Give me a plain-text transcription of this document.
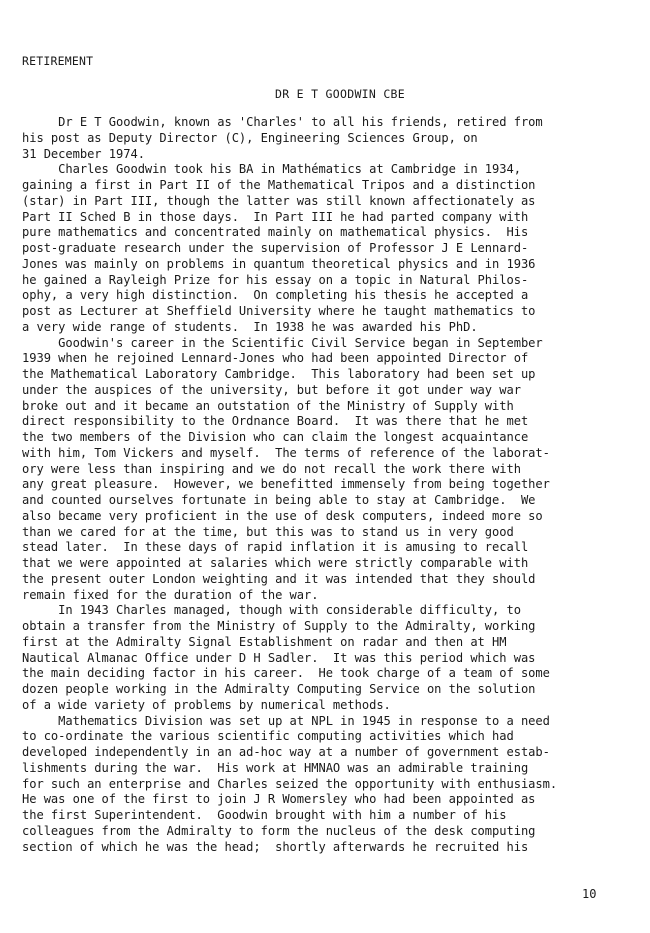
RETIREMENT
DR E T GOODWIN CBE
Dr E T Goodwin, known as 'Charles' to all his friends, retired from
his post as Deputy Director (C), Engineering Sciences Group, on
31 December 1974.
Charles Goodwin took his BA in Mathématics at Cambridge in 1934,
gaining a first in Part II of the Mathematical Tripos and a distinction
(star) in Part III, though the latter was still known affectionately as
Part II Sched B in those days.  In Part III he had parted company with
pure mathematics and concentrated mainly on mathematical physics.  His
post-graduate research under the supervision of Professor J E Lennard-
Jones was mainly on problems in quantum theoretical physics and in 1936
he gained a Rayleigh Prize for his essay on a topic in Natural Philos-
ophy, a very high distinction.  On completing his thesis he accepted a
post as Lecturer at Sheffield University where he taught mathematics to
a very wide range of students.  In 1938 he was awarded his PhD.
Goodwin's career in the Scientific Civil Service began in September
1939 when he rejoined Lennard-Jones who had been appointed Director of
the Mathematical Laboratory Cambridge.  This laboratory had been set up
under the auspices of the university, but before it got under way war
broke out and it became an outstation of the Ministry of Supply with
direct responsibility to the Ordnance Board.  It was there that he met
the two members of the Division who can claim the longest acquaintance
with him, Tom Vickers and myself.  The terms of reference of the laborat-
ory were less than inspiring and we do not recall the work there with
any great pleasure.  However, we benefitted immensely from being together
and counted ourselves fortunate in being able to stay at Cambridge.  We
also became very proficient in the use of desk computers, indeed more so
than we cared for at the time, but this was to stand us in very good
stead later.  In these days of rapid inflation it is amusing to recall
that we were appointed at salaries which were strictly comparable with
the present outer London weighting and it was intended that they should
remain fixed for the duration of the war.
In 1943 Charles managed, though with considerable difficulty, to
obtain a transfer from the Ministry of Supply to the Admiralty, working
first at the Admiralty Signal Establishment on radar and then at HM
Nautical Almanac Office under D H Sadler.  It was this period which was
the main deciding factor in his career.  He took charge of a team of some
dozen people working in the Admiralty Computing Service on the solution
of a wide variety of problems by numerical methods.
Mathematics Division was set up at NPL in 1945 in response to a need
to co-ordinate the various scientific computing activities which had
developed independently in an ad-hoc way at a number of government estab-
lishments during the war.  His work at HMNAO was an admirable training
for such an enterprise and Charles seized the opportunity with enthusiasm.
He was one of the first to join J R Womersley who had been appointed as
the first Superintendent.  Goodwin brought with him a number of his
colleagues from the Admiralty to form the nucleus of the desk computing
section of which he was the head;  shortly afterwards he recruited his
10
